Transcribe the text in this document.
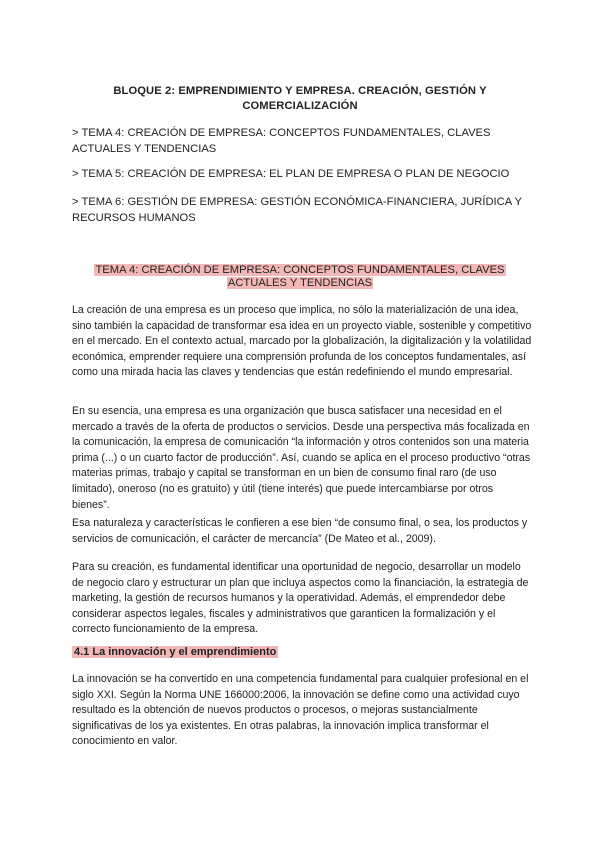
BLOQUE 2: EMPRENDIMIENTO Y EMPRESA. CREACIÓN, GESTIÓN Y
COMERCIALIZACIÓN
> TEMA 4: CREACIÓN DE EMPRESA: CONCEPTOS FUNDAMENTALES, CLAVES ACTUALES Y TENDENCIAS
> TEMA 5: CREACIÓN DE EMPRESA: EL PLAN DE EMPRESA O PLAN DE NEGOCIO
> TEMA 6: GESTIÓN DE EMPRESA: GESTIÓN ECONÓMICA-FINANCIERA, JURÍDICA Y RECURSOS HUMANOS
TEMA 4: CREACIÓN DE EMPRESA: CONCEPTOS FUNDAMENTALES, CLAVES
ACTUALES Y TENDENCIAS
La creación de una empresa es un proceso que implica, no sólo la materialización de una idea, sino también la capacidad de transformar esa idea en un proyecto viable, sostenible y competitivo en el mercado. En el contexto actual, marcado por la globalización, la digitalización y la volatilidad económica, emprender requiere una comprensión profunda de los conceptos fundamentales, así como una mirada hacia las claves y tendencias que están redefiniendo el mundo empresarial.
En su esencia, una empresa es una organización que busca satisfacer una necesidad en el mercado a través de la oferta de productos o servicios. Desde una perspectiva más focalizada en la comunicación, la empresa de comunicación “la información y otros contenidos son una materia prima (...) o un cuarto factor de producción”. Así, cuando se aplica en el proceso productivo “otras materias primas, trabajo y capital se transforman en un bien de consumo final raro (de uso limitado), oneroso (no es gratuito) y útil (tiene interés) que puede intercambiarse por otros bienes”.
Esa naturaleza y características le confieren a ese bien “de consumo final, o sea, los productos y servicios de comunicación, el carácter de mercancía” (De Mateo et al., 2009).
Para su creación, es fundamental identificar una oportunidad de negocio, desarrollar un modelo de negocio claro y estructurar un plan que incluya aspectos como la financiación, la estrategia de marketing, la gestión de recursos humanos y la operatividad. Además, el emprendedor debe considerar aspectos legales, fiscales y administrativos que garanticen la formalización y el correcto funcionamiento de la empresa.
4.1 La innovación y el emprendimiento
La innovación se ha convertido en una competencia fundamental para cualquier profesional en el siglo XXI. Según la Norma UNE 166000:2006, la innovación se define como una actividad cuyo resultado es la obtención de nuevos productos o procesos, o mejoras sustancialmente significativas de los ya existentes. En otras palabras, la innovación implica transformar el conocimiento en valor.
